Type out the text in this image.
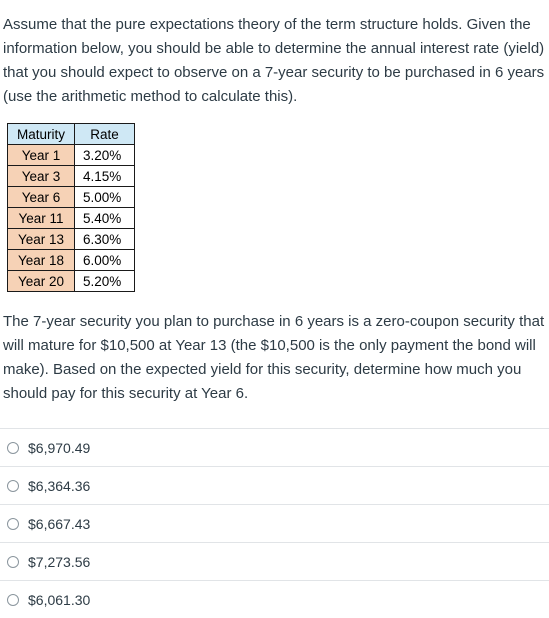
Assume that the pure expectations theory of the term structure holds. Given the information below, you should be able to determine the annual interest rate (yield) that you should expect to observe on a 7-year security to be purchased in 6 years (use the arithmetic method to calculate this).

Maturity	Rate
Year 1	3.20%
Year 3	4.15%
Year 6	5.00%
Year 11	5.40%
Year 13	6.30%
Year 18	6.00%
Year 20	5.20%

The 7-year security you plan to purchase in 6 years is a zero-coupon security that will mature for $10,500 at Year 13 (the $10,500 is the only payment the bond will make). Based on the expected yield for this security, determine how much you should pay for this security at Year 6.

$6,970.49
$6,364.36
$6,667.43
$7,273.56
$6,061.30
